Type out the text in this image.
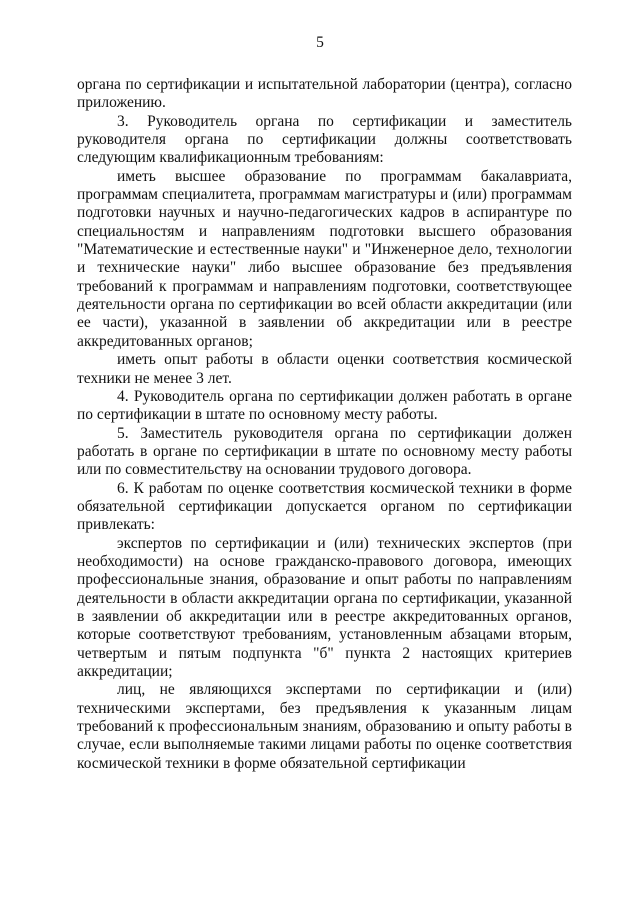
5

органа по сертификации и испытательной лаборатории (центра), согласно приложению.

3. Руководитель органа по сертификации и заместитель руководителя органа по сертификации должны соответствовать следующим квалификационным требованиям:

иметь высшее образование по программам бакалавриата, программам специалитета, программам магистратуры и (или) программам подготовки научных и научно-педагогических кадров в аспирантуре по специальностям и направлениям подготовки высшего образования "Математические и естественные науки" и "Инженерное дело, технологии и технические науки" либо высшее образование без предъявления требований к программам и направлениям подготовки, соответствующее деятельности органа по сертификации во всей области аккредитации (или ее части), указанной в заявлении об аккредитации или в реестре аккредитованных органов;

иметь опыт работы в области оценки соответствия космической техники не менее 3 лет.

4. Руководитель органа по сертификации должен работать в органе по сертификации в штате по основному месту работы.

5. Заместитель руководителя органа по сертификации должен работать в органе по сертификации в штате по основному месту работы или по совместительству на основании трудового договора.

6. К работам по оценке соответствия космической техники в форме обязательной сертификации допускается органом по сертификации привлекать:

экспертов по сертификации и (или) технических экспертов (при необходимости) на основе гражданско-правового договора, имеющих профессиональные знания, образование и опыт работы по направлениям деятельности в области аккредитации органа по сертификации, указанной в заявлении об аккредитации или в реестре аккредитованных органов, которые соответствуют требованиям, установленным абзацами вторым, четвертым и пятым подпункта "б" пункта 2 настоящих критериев аккредитации;

лиц, не являющихся экспертами по сертификации и (или) техническими экспертами, без предъявления к указанным лицам требований к профессиональным знаниям, образованию и опыту работы в случае, если выполняемые такими лицами работы по оценке соответствия космической техники в форме обязательной сертификации
